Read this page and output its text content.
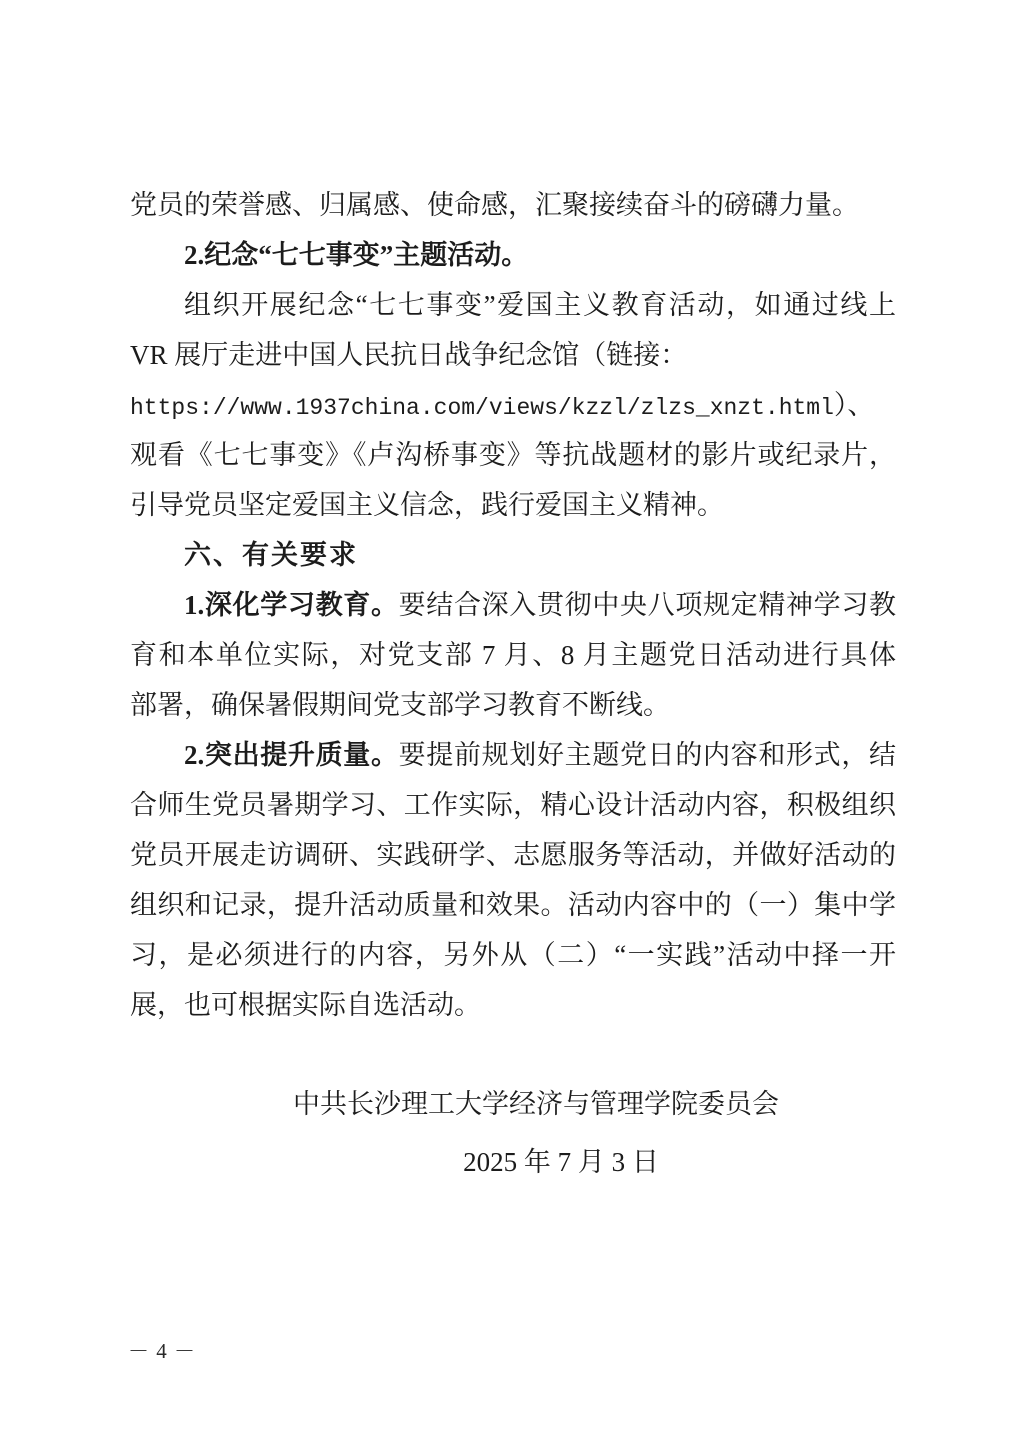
党员的荣誉感、归属感、使命感，汇聚接续奋斗的磅礴力量。
2.纪念“七七事变”主题活动。
组织开展纪念“七七事变”爱国主义教育活动，如通过线上
VR 展厅走进中国人民抗日战争纪念馆（链接：
https://www.1937china.com/views/kzzl/zlzs_xnzt.html）、
观看《七七事变》《卢沟桥事变》等抗战题材的影片或纪录片，
引导党员坚定爱国主义信念，践行爱国主义精神。
六、有关要求
1.深化学习教育。要结合深入贯彻中央八项规定精神学习教
育和本单位实际，对党支部 7 月、8 月主题党日活动进行具体
部署，确保暑假期间党支部学习教育不断线。
2.突出提升质量。要提前规划好主题党日的内容和形式，结
合师生党员暑期学习、工作实际，精心设计活动内容，积极组织
党员开展走访调研、实践研学、志愿服务等活动，并做好活动的
组织和记录，提升活动质量和效果。活动内容中的（一）集中学
习，是必须进行的内容，另外从（二）“一实践”活动中择一开
展，也可根据实际自选活动。
中共长沙理工大学经济与管理学院委员会
2025 年 7 月 3 日
－ 4 －
